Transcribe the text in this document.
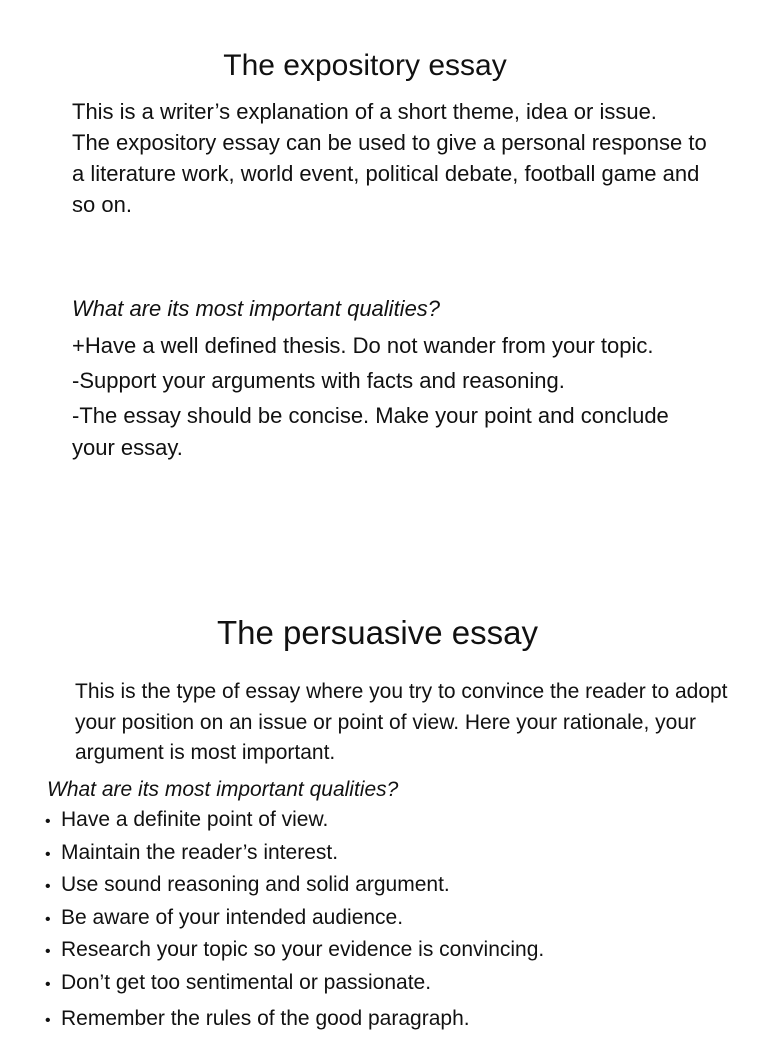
The expository essay
This is a writer’s explanation of a short theme, idea or issue.
The expository essay can be used to give a personal response to a literature work, world event, political debate, football game and so on.
What are its most important qualities?
+Have a well defined thesis. Do not wander from your topic.
-Support your arguments with facts and reasoning.
-The essay should be concise. Make your point and conclude your essay.
The persuasive essay
This is the type of essay where you try to convince the reader to adopt your position on an issue or point of view. Here your rationale, your argument is most important.
What are its most important qualities?
• Have a definite point of view.
• Maintain the reader’s interest.
• Use sound reasoning and solid argument.
• Be aware of your intended audience.
• Research your topic so your evidence is convincing.
• Don’t get too sentimental or passionate.
• Remember the rules of the good paragraph.
